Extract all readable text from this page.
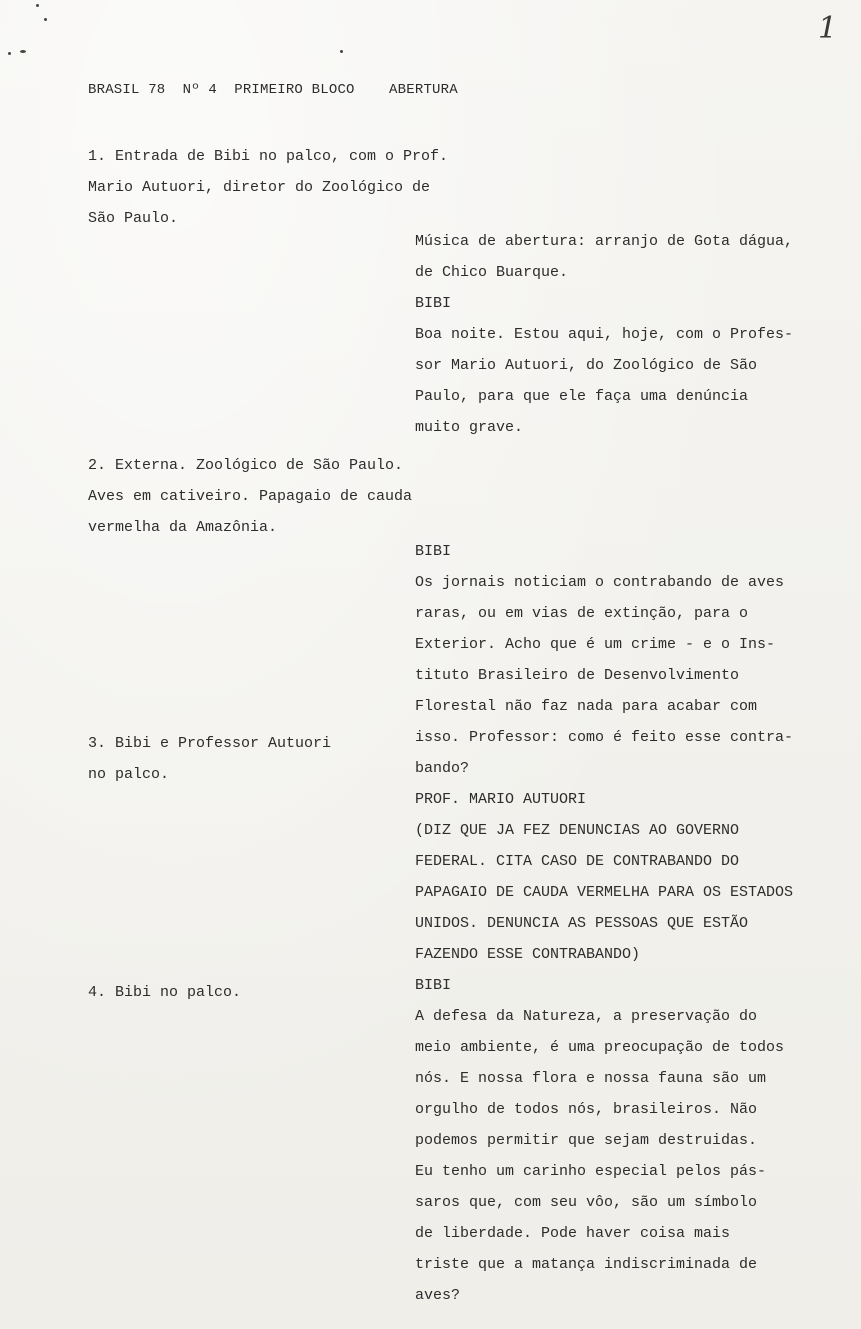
1
BRASIL 78  Nº 4  PRIMEIRO BLOCO    ABERTURA
1. Entrada de Bibi no palco, com o Prof.
Mario Autuori, diretor do Zoológico de
São Paulo.
2. Externa. Zoológico de São Paulo.
Aves em cativeiro. Papagaio de cauda
vermelha da Amazônia.
3. Bibi e Professor Autuori
no palco.
4. Bibi no palco.
Música de abertura: arranjo de Gota dágua,
de Chico Buarque.
BIBI
Boa noite. Estou aqui, hoje, com o Profes-
sor Mario Autuori, do Zoológico de São
Paulo, para que ele faça uma denúncia
muito grave.
BIBI
Os jornais noticiam o contrabando de aves
raras, ou em vias de extinção, para o
Exterior. Acho que é um crime - e o Ins-
tituto Brasileiro de Desenvolvimento
Florestal não faz nada para acabar com
isso. Professor: como é feito esse contra-
bando?
PROF. MARIO AUTUORI
(DIZ QUE JA FEZ DENUNCIAS AO GOVERNO
FEDERAL. CITA CASO DE CONTRABANDO DO
PAPAGAIO DE CAUDA VERMELHA PARA OS ESTADOS
UNIDOS. DENUNCIA AS PESSOAS QUE ESTÃO
FAZENDO ESSE CONTRABANDO)
BIBI
A defesa da Natureza, a preservação do
meio ambiente, é uma preocupação de todos
nós. E nossa flora e nossa fauna são um
orgulho de todos nós, brasileiros. Não
podemos permitir que sejam destruidas.
Eu tenho um carinho especial pelos pás-
saros que, com seu vôo, são um símbolo
de liberdade. Pode haver coisa mais
triste que a matança indiscriminada de
aves?
